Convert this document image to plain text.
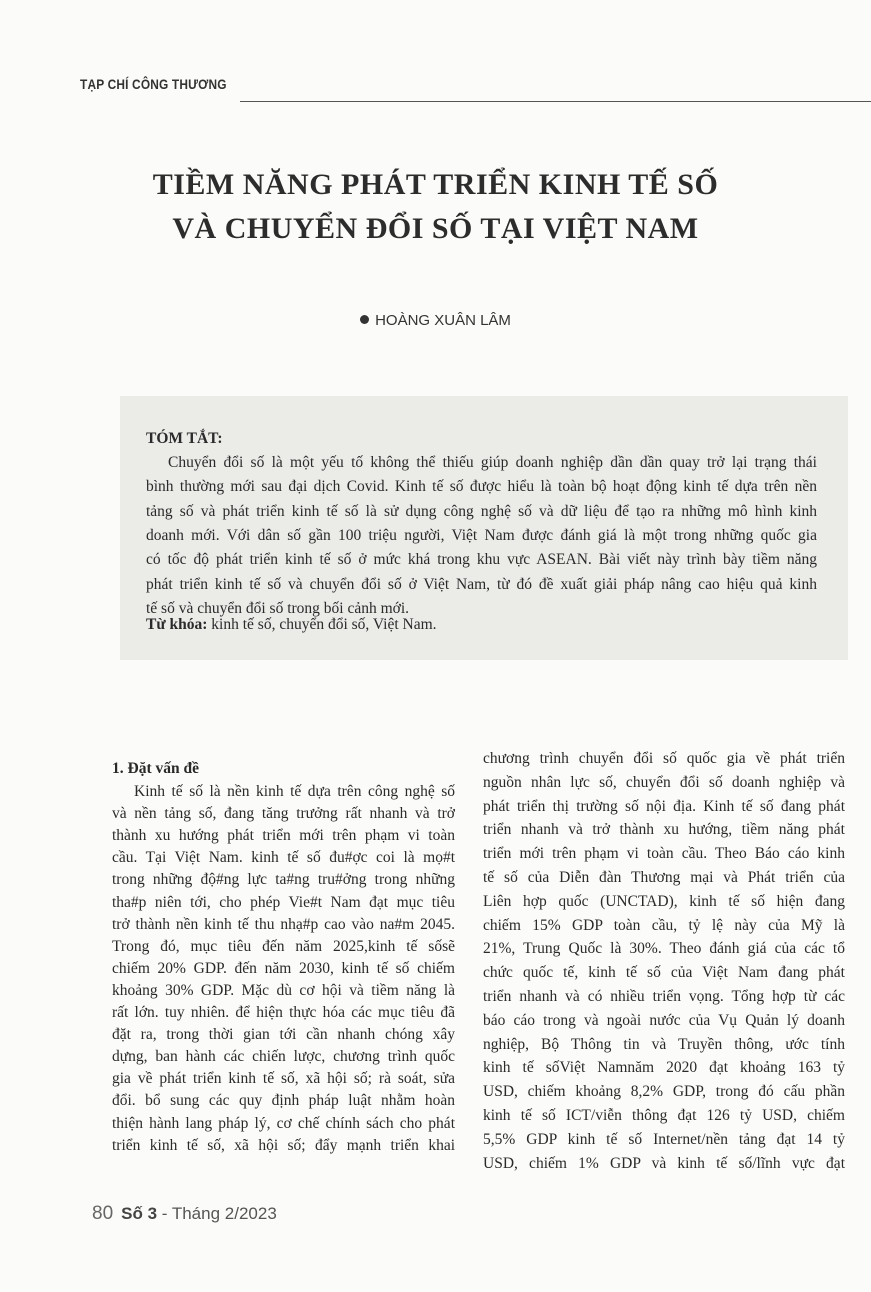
TẠP CHÍ CÔNG THƯƠNG
TIỀM NĂNG PHÁT TRIỂN KINH TẾ SỐ
VÀ CHUYỂN ĐỔI SỐ TẠI VIỆT NAM
HOÀNG XUÂN LÂM
TÓM TẮT:
Chuyển đổi số là một yếu tố không thể thiếu giúp doanh nghiệp dần dần quay trở lại trạng thái
bình thường mới sau đại dịch Covid. Kinh tế số được hiểu là toàn bộ hoạt động kinh tế dựa trên nền
tảng số và phát triển kinh tế số là sử dụng công nghệ số và dữ liệu để tạo ra những mô hình kinh
doanh mới. Với dân số gần 100 triệu người, Việt Nam được đánh giá là một trong những quốc gia
có tốc độ phát triển kinh tế số ở mức khá trong khu vực ASEAN. Bài viết này trình bày tiềm năng
phát triển kinh tế số và chuyển đổi số ở Việt Nam, từ đó đề xuất giải pháp nâng cao hiệu quả kinh
tế số và chuyển đổi số trong bối cảnh mới.
Từ khóa: kinh tế số, chuyển đổi số, Việt Nam.
1. Đặt vấn đề
Kinh tế số là nền kinh tế dựa trên công nghệ số
và nền tảng số, đang tăng trưởng rất nhanh và trở
thành xu hướng phát triển mới trên phạm vi toàn
cầu. Tại Việt Nam. kinh tế số đu#ợc coi là mọ#t
trong những độ#ng lực ta#ng tru#ởng trong những
tha#p niên tới, cho phép Vie#t Nam đạt mục tiêu
trở thành nền kinh tế thu nhạ#p cao vào na#m 2045.
Trong đó, mục tiêu đến năm 2025,kinh tế sốsẽ
chiếm 20% GDP. đến năm 2030, kinh tế số chiếm
khoảng 30% GDP. Mặc dù cơ hội và tiềm năng là
rất lớn. tuy nhiên. để hiện thực hóa các mục tiêu đã
đặt ra, trong thời gian tới cần nhanh chóng xây
dựng, ban hành các chiến lược, chương trình quốc
gia về phát triển kinh tế số, xã hội số; rà soát, sửa
đổi. bổ sung các quy định pháp luật nhằm hoàn
thiện hành lang pháp lý, cơ chế chính sách cho phát
triển kinh tế số, xã hội số; đẩy mạnh triển khai
chương trình chuyển đổi số quốc gia về phát triển
nguồn nhân lực số, chuyển đổi số doanh nghiệp và
phát triển thị trường số nội địa. Kinh tế số đang phát
triển nhanh và trở thành xu hướng, tiềm năng phát
triển mới trên phạm vi toàn cầu. Theo Báo cáo kinh
tế số của Diễn đàn Thương mại và Phát triển của
Liên hợp quốc (UNCTAD), kinh tế số hiện đang
chiếm 15% GDP toàn cầu, tỷ lệ này của Mỹ là
21%, Trung Quốc là 30%. Theo đánh giá của các tổ
chức quốc tế, kinh tế số của Việt Nam đang phát
triển nhanh và có nhiều triển vọng. Tổng hợp từ các
báo cáo trong và ngoài nước của Vụ Quản lý doanh
nghiệp, Bộ Thông tin và Truyền thông, ước tính
kinh tế sốViệt Namnăm 2020 đạt khoảng 163 tỷ
USD, chiếm khoảng 8,2% GDP, trong đó cấu phần
kinh tế số ICT/viễn thông đạt 126 tỷ USD, chiếm
5,5% GDP kinh tế số Internet/nền tảng đạt 14 tỷ
USD, chiếm 1% GDP và kinh tế số/lĩnh vực đạt
80 Số 3 - Tháng 2/2023
